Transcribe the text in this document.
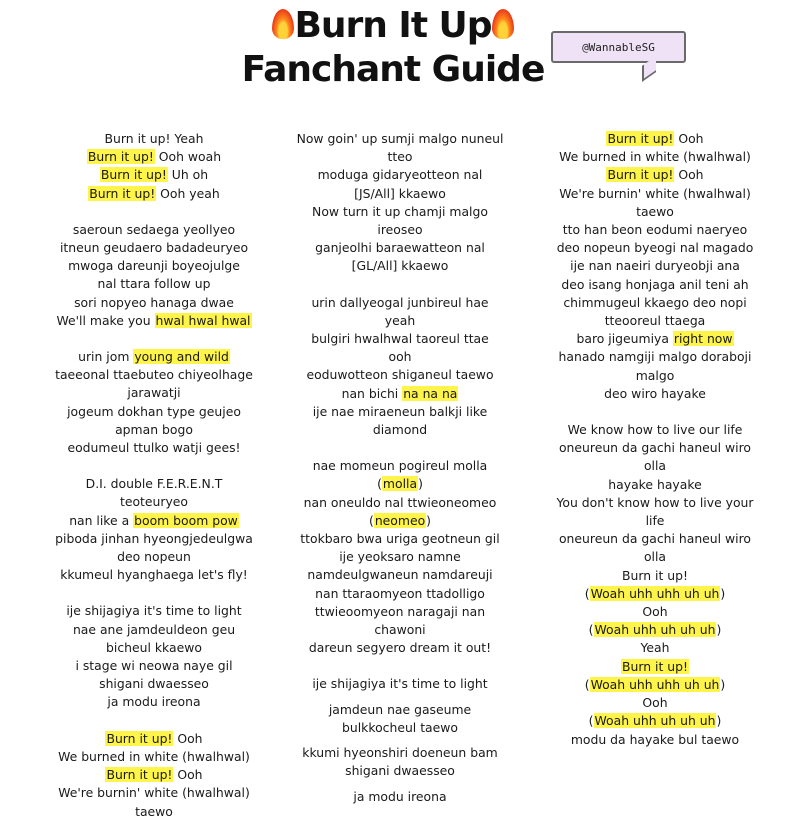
Burn It Up
Fanchant Guide
@WannableSG
Burn it up! Yeah
Burn it up! Ooh woah
Burn it up! Uh oh
Burn it up! Ooh yeah
saeroun sedaega yeollyeo
itneun geudaero badadeuryeo
mwoga dareunji boyeojulge
nal ttara follow up
sori nopyeo hanaga dwae
We'll make you hwal hwal hwal
urin jom young and wild
taeeonal ttaebuteo chiyeolhage
jarawatji
jogeum dokhan type geujeo
apman bogo
eodumeul ttulko watji gees!
D.I. double F.E.R.E.N.T
teoteuryeo
nan like a boom boom pow
piboda jinhan hyeongjedeulgwa
deo nopeun
kkumeul hyanghaega let's fly!
ije shijagiya it's time to light
nae ane jamdeuldeon geu
bicheul kkaewo
i stage wi neowa naye gil
shigani dwaesseo
ja modu ireona
Burn it up! Ooh
We burned in white (hwalhwal)
Burn it up! Ooh
We're burnin' white (hwalhwal)
taewo
Now goin' up sumji malgo nuneul
tteo
moduga gidaryeotteon nal
[JS/All] kkaewo
Now turn it up chamji malgo
ireoseo
ganjeolhi baraewatteon nal
[GL/All] kkaewo
urin dallyeogal junbireul hae
yeah
bulgiri hwalhwal taoreul ttae
ooh
eoduwotteon shiganeul taewo
nan bichi na na na
ije nae miraeneun balkji like
diamond
nae momeun pogireul molla
(molla)
nan oneuldo nal ttwieoneomeo
(neomeo)
ttokbaro bwa uriga geotneun gil
ije yeoksaro namne
namdeulgwaneun namdareuji
nan ttaraomyeon ttadolligo
ttwieoomyeon naragaji nan
chawoni
dareun segyero dream it out!
ije shijagiya it's time to light
jamdeun nae gaseume
bulkkocheul taewo
kkumi hyeonshiri doeneun bam
shigani dwaesseo
ja modu ireona
Burn it up! Ooh
We burned in white (hwalhwal)
Burn it up! Ooh
We're burnin' white (hwalhwal)
taewo
tto han beon eodumi naeryeo
deo nopeun byeogi nal magado
ije nan naeiri duryeobji ana
deo isang honjaga anil teni ah
chimmugeul kkaego deo nopi
tteooreul ttaega
baro jigeumiya right now
hanado namgiji malgo doraboji
malgo
deo wiro hayake
We know how to live our life
oneureun da gachi haneul wiro
olla
hayake hayake
You don't know how to live your
life
oneureun da gachi haneul wiro
olla
Burn it up!
(Woah uhh uhh uh uh)
Ooh
(Woah uhh uh uh uh)
Yeah
Burn it up!
(Woah uhh uhh uh uh)
Ooh
(Woah uhh uh uh uh)
modu da hayake bul taewo
